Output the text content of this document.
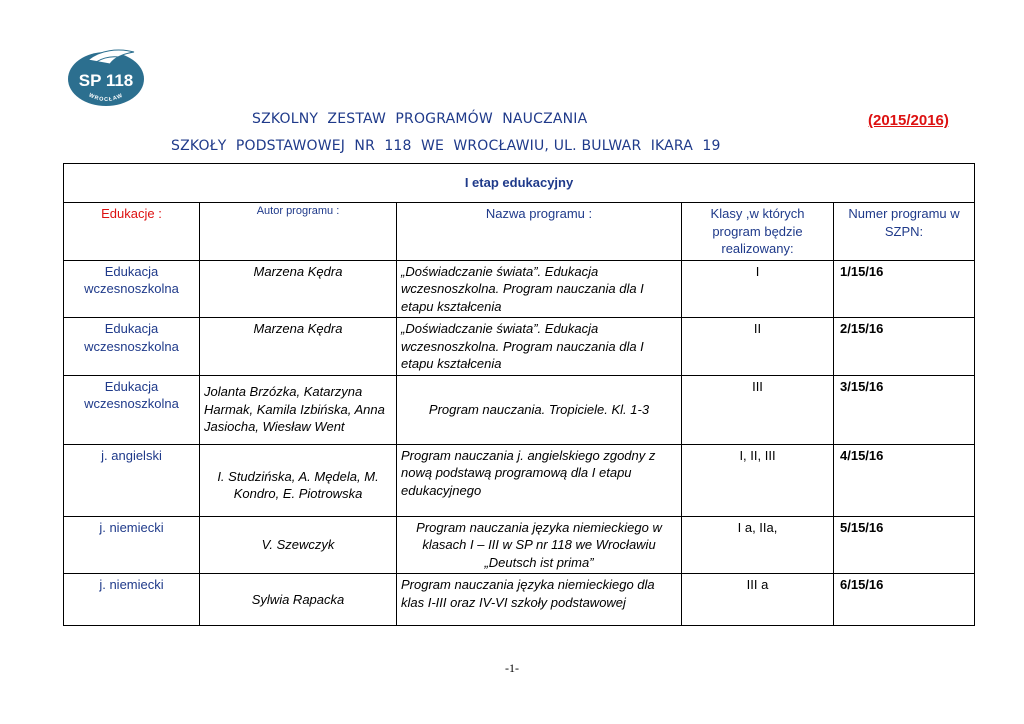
SP 118
WROCŁAW
SZKOLNY  ZESTAW  PROGRAMÓW  NAUCZANIA	(2015/2016)
SZKOŁY  PODSTAWOWEJ  NR  118  WE  WROCŁAWIU, UL. BULWAR  IKARA  19
I etap edukacyjny				
Edukacje :	Autor programu :	Nazwa programu :	Klasy ,w których program będzie realizowany:	Numer programu w SZPN:
Edukacja wczesnoszkolna	Marzena Kędra	„Doświadczanie świata”. Edukacja wczesnoszkolna. Program nauczania dla I etapu kształcenia	I	1/15/16
Edukacja wczesnoszkolna	Marzena Kędra	„Doświadczanie świata”. Edukacja wczesnoszkolna. Program nauczania dla I etapu kształcenia	II	2/15/16
Edukacja wczesnoszkolna	Jolanta Brzózka, Katarzyna Harmak, Kamila Izbińska, Anna Jasiocha, Wiesław Went	Program nauczania. Tropiciele. Kl. 1-3	III	3/15/16
j. angielski	I. Studzińska, A. Mędela, M. Kondro, E. Piotrowska	Program nauczania j. angielskiego zgodny z nową podstawą programową dla I etapu edukacyjnego	I, II, III	4/15/16
j. niemiecki	V. Szewczyk	Program nauczania języka niemieckiego w klasach I – III w SP nr 118 we Wrocławiu „Deutsch ist prima”	I a, IIa,	5/15/16
j. niemiecki	Sylwia Rapacka	Program nauczania języka niemieckiego dla klas I-III oraz IV-VI szkoły podstawowej	III a	6/15/16
-1-
